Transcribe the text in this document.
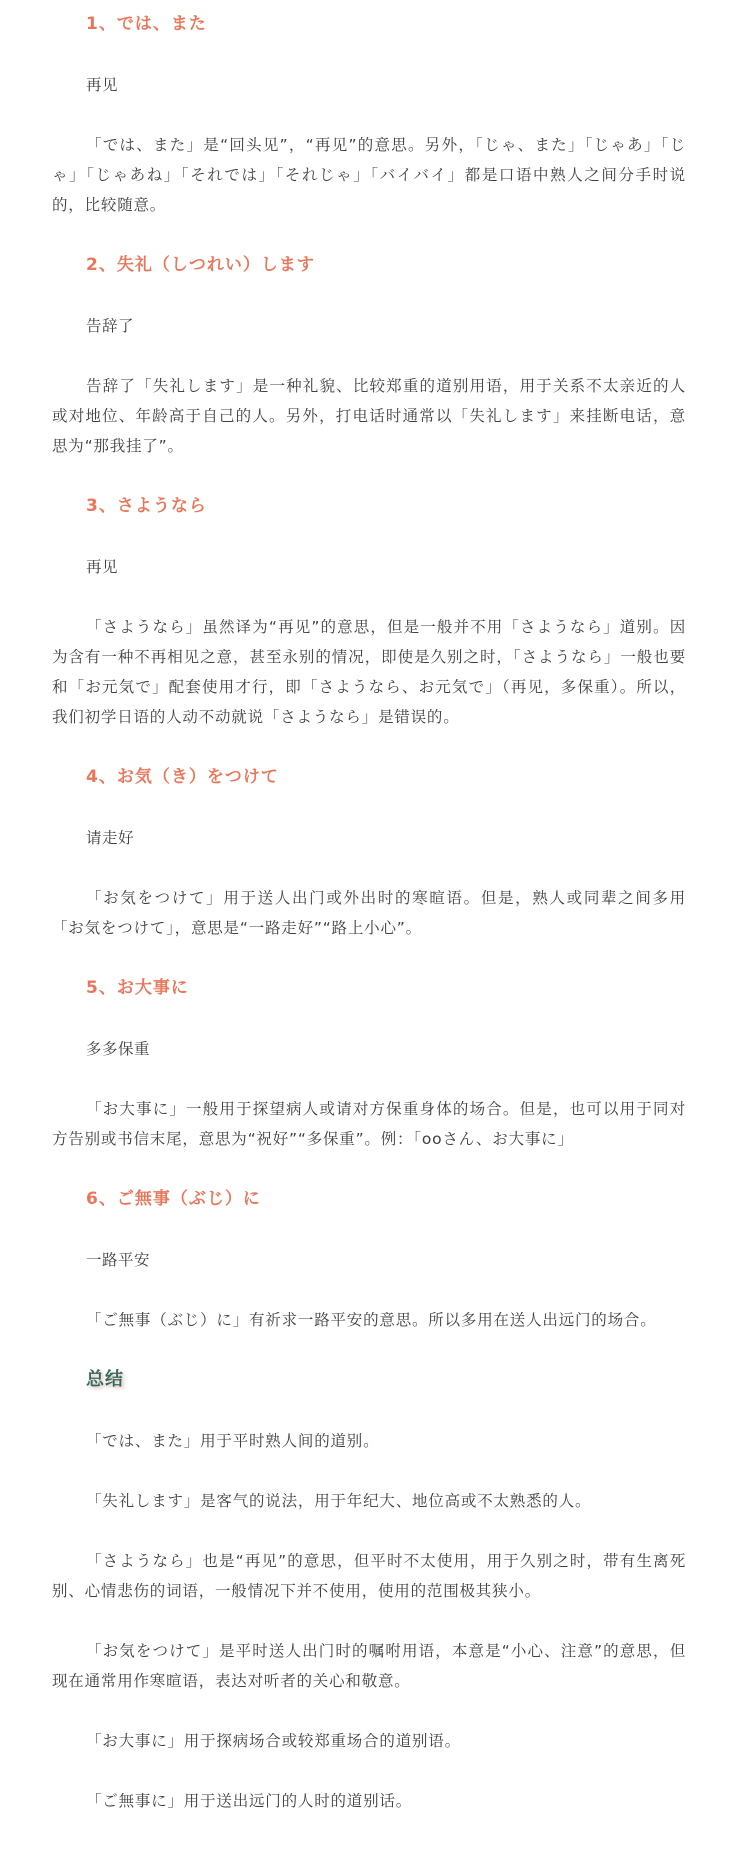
1、では、また

再见

「では、また」是“回头见”，“再见”的意思。另外，「じゃ、また」「じゃあ」「じゃ」「じゃあね」「それでは」「それじゃ」「バイバイ」都是口语中熟人之间分手时说的，比较随意。

2、失礼（しつれい）します

告辞了

告辞了「失礼します」是一种礼貌、比较郑重的道别用语，用于关系不太亲近的人或对地位、年龄高于自己的人。另外，打电话时通常以「失礼します」来挂断电话，意思为“那我挂了”。

3、さようなら

再见

「さようなら」虽然译为“再见”的意思，但是一般并不用「さようなら」道别。因为含有一种不再相见之意，甚至永别的情况，即使是久别之时，「さようなら」一般也要和「お元気で」配套使用才行，即「さようなら、お元気で」（再见，多保重）。所以，我们初学日语的人动不动就说「さようなら」是错误的。

4、お気（き）をつけて

请走好

「お気をつけて」用于送人出门或外出时的寒暄语。但是，熟人或同辈之间多用「お気をつけて」，意思是“一路走好”“路上小心”。

5、お大事に

多多保重

「お大事に」一般用于探望病人或请对方保重身体的场合。但是，也可以用于同对方告别或书信末尾，意思为“祝好”“多保重”。例：「ooさん、お大事に」

6、ご無事（ぶじ）に

一路平安

「ご無事（ぶじ）に」有祈求一路平安的意思。所以多用在送人出远门的场合。

总结

「では、また」用于平时熟人间的道别。

「失礼します」是客气的说法，用于年纪大、地位高或不太熟悉的人。

「さようなら」也是“再见”的意思，但平时不太使用，用于久别之时，带有生离死别、心情悲伤的词语，一般情况下并不使用，使用的范围极其狭小。

「お気をつけて」是平时送人出门时的嘱咐用语，本意是“小心、注意”的意思，但现在通常用作寒暄语，表达对听者的关心和敬意。

「お大事に」用于探病场合或较郑重场合的道别语。

「ご無事に」用于送出远门的人时的道别话。
